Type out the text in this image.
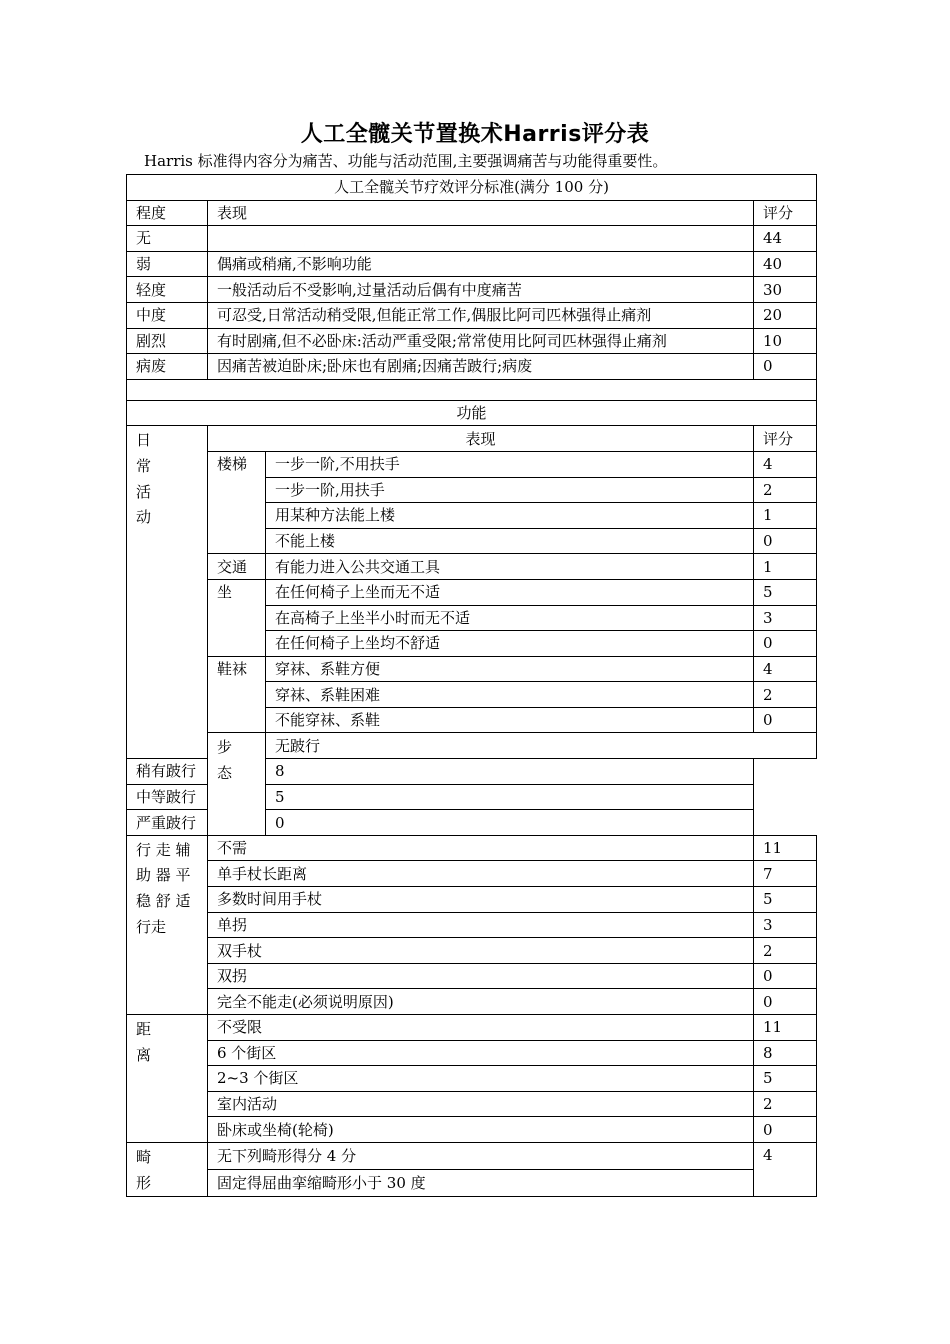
人工全髋关节置换术Harris评分表
Harris 标准得内容分为痛苦、功能与活动范围,主要强调痛苦与功能得重要性。
人工全髋关节疗效评分标准(满分 100 分)				
程度	表现		评分	
无			44	
弱	偶痛或稍痛,不影响功能		40	
轻度	一般活动后不受影响,过量活动后偶有中度痛苦		30	
中度	可忍受,日常活动稍受限,但能正常工作,偶服比阿司匹林强得止痛剂		20	
剧烈	有时剧痛,但不必卧床:活动严重受限;常常使用比阿司匹林强得止痛剂		10	
病废	因痛苦被迫卧床;卧床也有剧痛;因痛苦跛行;病废		0	

功能				

日
常
活
动	表现		评分	
	楼梯	一步一阶,不用扶手	4	
		一步一阶,用扶手	2	
		用某种方法能上楼	1	
		不能上楼	0	
	交通	有能力进入公共交通工具	1	
	坐	在任何椅子上坐而无不适	5	
		在高椅子上坐半小时而无不适	3	
		在任何椅子上坐均不舒适	0	
	鞋袜	穿袜、系鞋方便	4	
		穿袜、系鞋困难	2	
		不能穿袜、系鞋	0	

	步
态	无跛行	
稍有跛行		8		
中等跛行		5		
严重跛行		0		

行 走 辅
助 器 平
稳 舒 适
行走	不需		11	
	单手杖长距离		7	
	多数时间用手杖		5	
	单拐		3	
	双手杖		2	
	双拐		0	
	完全不能走(必须说明原因)		0	

距
离	不受限		11	
	6 个街区		8	
	2~3 个街区		5	
	室内活动		2	
	卧床或坐椅(轮椅)		0	

畸
形	无下列畸形得分 4 分		4	
	固定得屈曲挛缩畸形小于 30 度			
